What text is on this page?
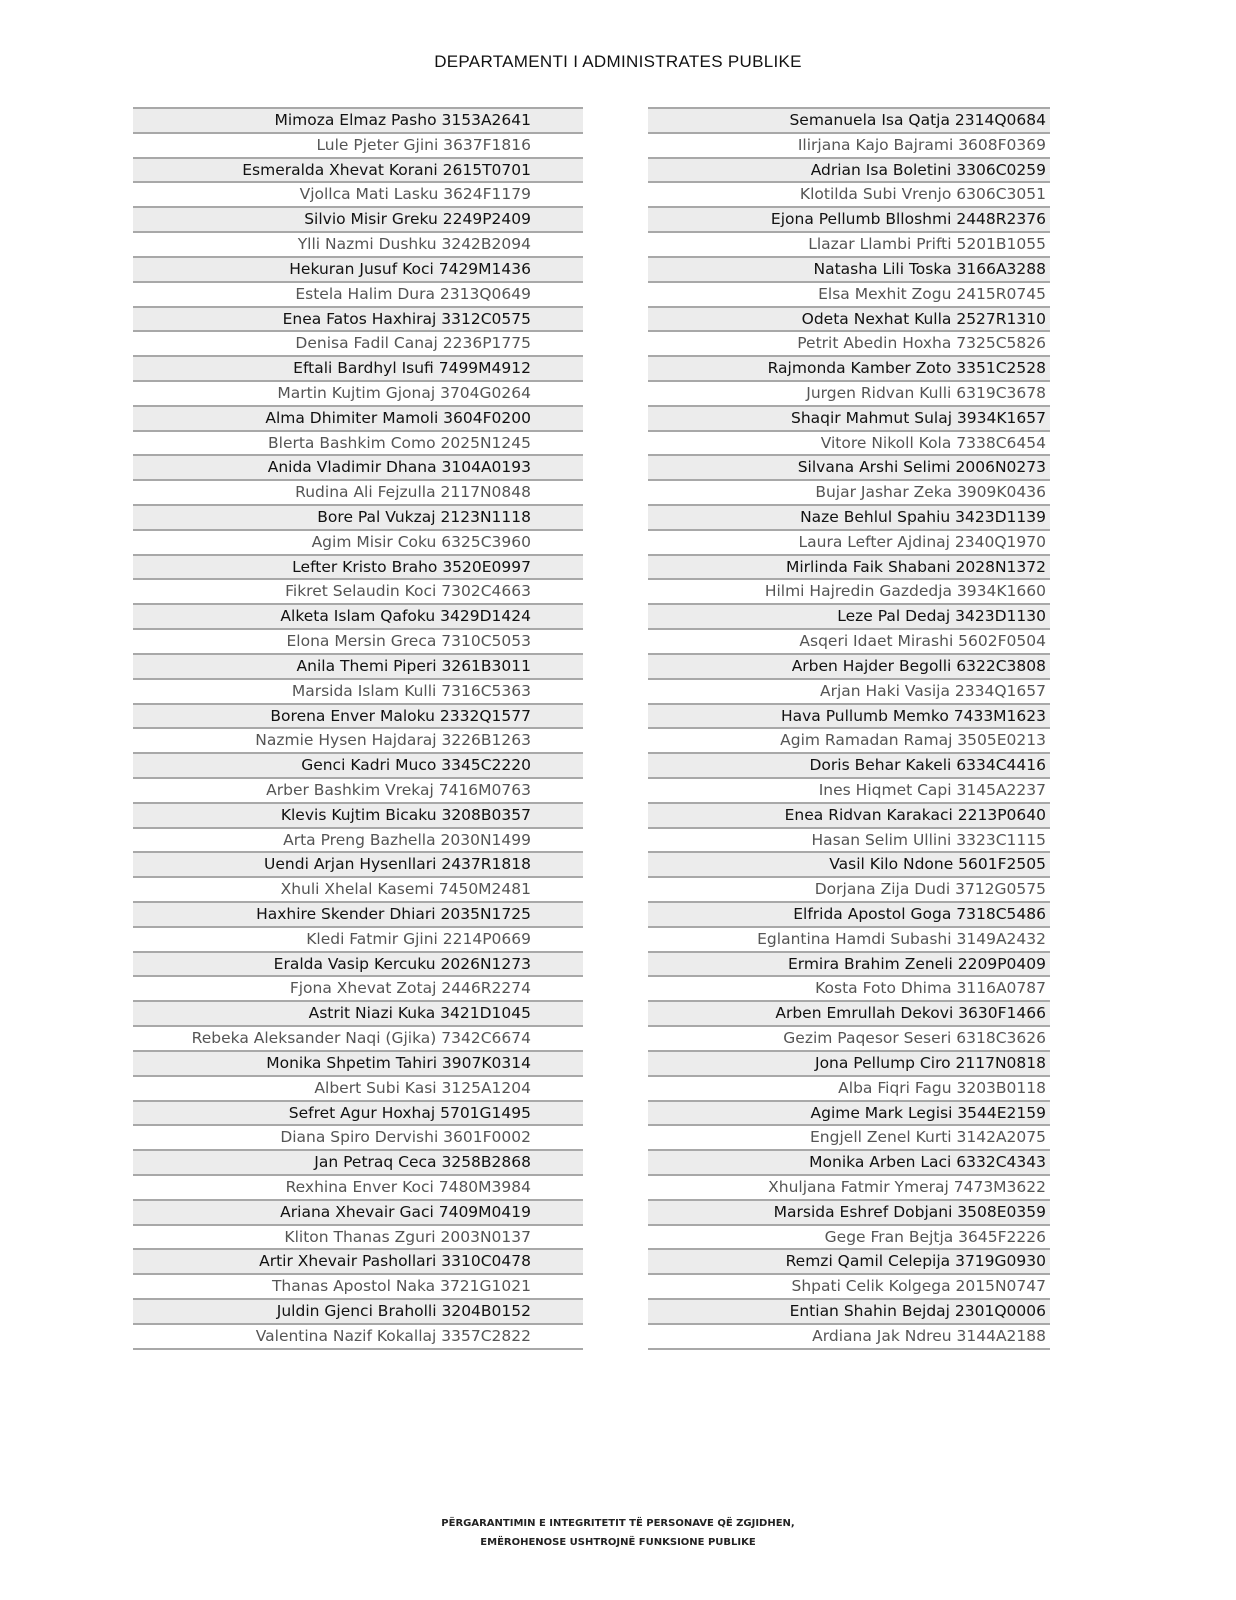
DEPARTAMENTI I ADMINISTRATES PUBLIKE
Mimoza Elmaz Pasho 3153A2641
Lule Pjeter Gjini 3637F1816
Esmeralda Xhevat Korani 2615T0701
Vjollca Mati Lasku 3624F1179
Silvio Misir Greku 2249P2409
Ylli Nazmi Dushku 3242B2094
Hekuran Jusuf Koci 7429M1436
Estela Halim Dura 2313Q0649
Enea Fatos Haxhiraj 3312C0575
Denisa Fadil Canaj 2236P1775
Eftali Bardhyl Isufi 7499M4912
Martin Kujtim Gjonaj 3704G0264
Alma Dhimiter Mamoli 3604F0200
Blerta Bashkim Como 2025N1245
Anida Vladimir Dhana 3104A0193
Rudina Ali Fejzulla 2117N0848
Bore Pal Vukzaj 2123N1118
Agim Misir Coku 6325C3960
Lefter Kristo Braho 3520E0997
Fikret Selaudin Koci 7302C4663
Alketa Islam Qafoku 3429D1424
Elona Mersin Greca 7310C5053
Anila Themi Piperi 3261B3011
Marsida Islam Kulli 7316C5363
Borena Enver Maloku 2332Q1577
Nazmie Hysen Hajdaraj 3226B1263
Genci Kadri Muco 3345C2220
Arber Bashkim Vrekaj 7416M0763
Klevis Kujtim Bicaku 3208B0357
Arta Preng Bazhella 2030N1499
Uendi Arjan Hysenllari 2437R1818
Xhuli Xhelal Kasemi 7450M2481
Haxhire Skender Dhiari 2035N1725
Kledi Fatmir Gjini 2214P0669
Eralda Vasip Kercuku 2026N1273
Fjona Xhevat Zotaj 2446R2274
Astrit Niazi Kuka 3421D1045
Rebeka Aleksander Naqi (Gjika) 7342C6674
Monika Shpetim Tahiri 3907K0314
Albert Subi Kasi 3125A1204
Sefret Agur Hoxhaj 5701G1495
Diana Spiro Dervishi 3601F0002
Jan Petraq Ceca 3258B2868
Rexhina Enver Koci 7480M3984
Ariana Xhevair Gaci 7409M0419
Kliton Thanas Zguri 2003N0137
Artir Xhevair Pashollari 3310C0478
Thanas Apostol Naka 3721G1021
Juldin Gjenci Braholli 3204B0152
Valentina Nazif Kokallaj 3357C2822
Semanuela Isa Qatja 2314Q0684
Ilirjana Kajo Bajrami 3608F0369
Adrian Isa Boletini 3306C0259
Klotilda Subi Vrenjo 6306C3051
Ejona Pellumb Blloshmi 2448R2376
Llazar Llambi Prifti 5201B1055
Natasha Lili Toska 3166A3288
Elsa Mexhit Zogu 2415R0745
Odeta Nexhat Kulla 2527R1310
Petrit Abedin Hoxha 7325C5826
Rajmonda Kamber Zoto 3351C2528
Jurgen Ridvan Kulli 6319C3678
Shaqir Mahmut Sulaj 3934K1657
Vitore Nikoll Kola 7338C6454
Silvana Arshi Selimi 2006N0273
Bujar Jashar Zeka 3909K0436
Naze Behlul Spahiu 3423D1139
Laura Lefter Ajdinaj 2340Q1970
Mirlinda Faik Shabani 2028N1372
Hilmi Hajredin Gazdedja 3934K1660
Leze Pal Dedaj 3423D1130
Asqeri Idaet Mirashi 5602F0504
Arben Hajder Begolli 6322C3808
Arjan Haki Vasija 2334Q1657
Hava Pullumb Memko 7433M1623
Agim Ramadan Ramaj 3505E0213
Doris Behar Kakeli 6334C4416
Ines Hiqmet Capi 3145A2237
Enea Ridvan Karakaci 2213P0640
Hasan Selim Ullini 3323C1115
Vasil Kilo Ndone 5601F2505
Dorjana Zija Dudi 3712G0575
Elfrida Apostol Goga 7318C5486
Eglantina Hamdi Subashi 3149A2432
Ermira Brahim Zeneli 2209P0409
Kosta Foto Dhima 3116A0787
Arben Emrullah Dekovi 3630F1466
Gezim Paqesor Seseri 6318C3626
Jona Pellump Ciro 2117N0818
Alba Fiqri Fagu 3203B0118
Agime Mark Legisi 3544E2159
Engjell Zenel Kurti 3142A2075
Monika Arben Laci 6332C4343
Xhuljana Fatmir Ymeraj 7473M3622
Marsida Eshref Dobjani 3508E0359
Gege Fran Bejtja 3645F2226
Remzi Qamil Celepija 3719G0930
Shpati Celik Kolgega 2015N0747
Entian Shahin Bejdaj 2301Q0006
Ardiana Jak Ndreu 3144A2188
PËRGARANTIMIN E INTEGRITETIT TË PERSONAVE QË ZGJIDHEN,
EMËROHENOSE USHTROJNË FUNKSIONE PUBLIKE
